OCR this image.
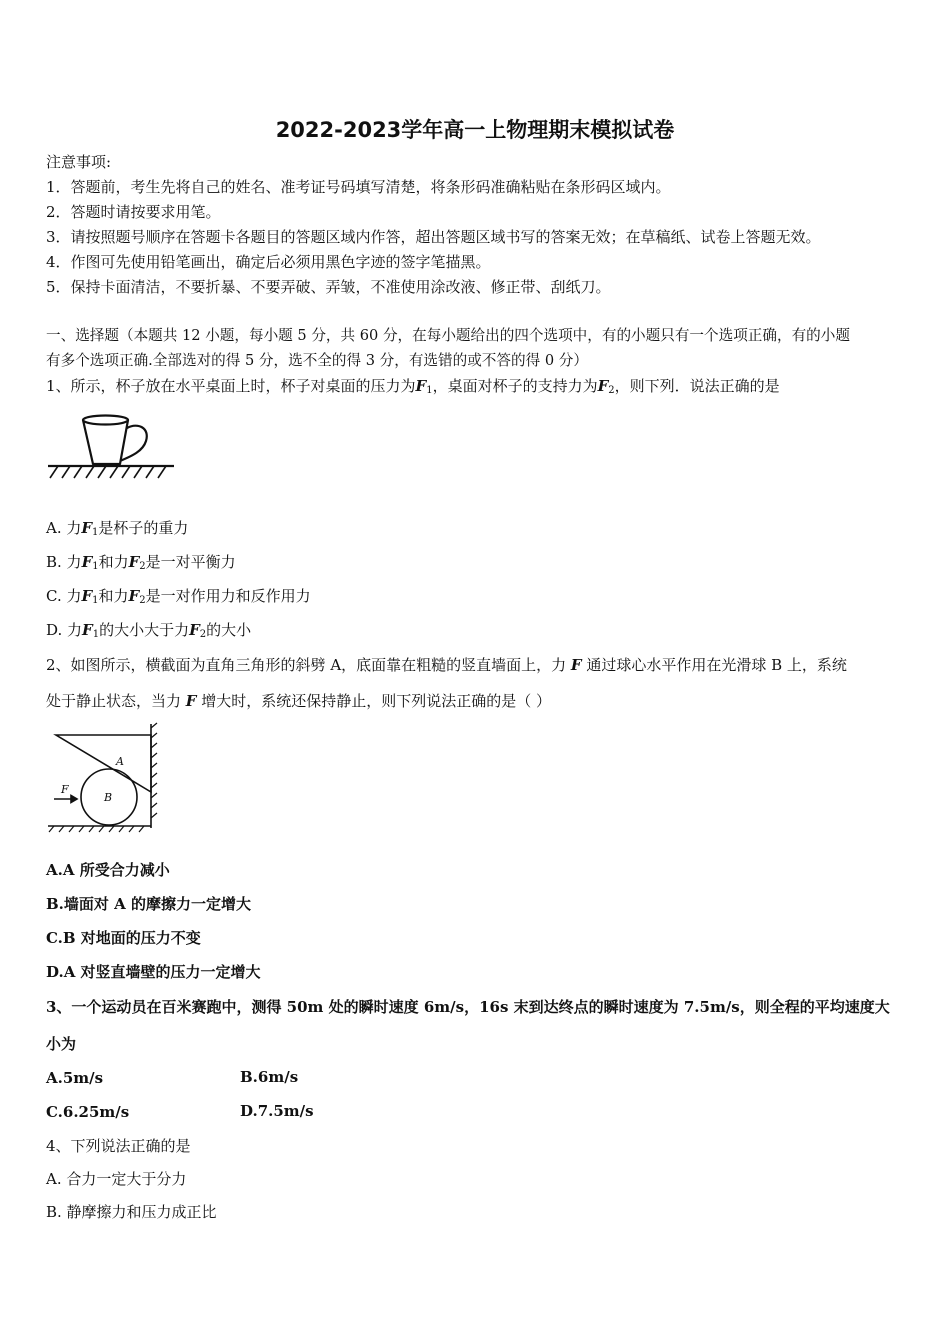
2022-2023学年高一上物理期末模拟试卷
注意事项:
1．答题前，考生先将自己的姓名、准考证号码填写清楚，将条形码准确粘贴在条形码区域内。
2．答题时请按要求用笔。
3．请按照题号顺序在答题卡各题目的答题区域内作答，超出答题区域书写的答案无效；在草稿纸、试卷上答题无效。
4．作图可先使用铅笔画出，确定后必须用黑色字迹的签字笔描黑。
5．保持卡面清洁，不要折暴、不要弄破、弄皱，不准使用涂改液、修正带、刮纸刀。
一、选择题（本题共 12 小题，每小题 5 分，共 60 分，在每小题给出的四个选项中，有的小题只有一个选项正确，有的小题
有多个选项正确.全部选对的得 5 分，选不全的得 3 分，有选错的或不答的得 0 分）
1、所示，杯子放在水平桌面上时，杯子对桌面的压力为$F_1$，桌面对杯子的支持力为$F_2$，则下列．说法正确的是
A. 力$F_1$是杯子的重力
B. 力$F_1$和力$F_2$是一对平衡力
C. 力$F_1$和力$F_2$是一对作用力和反作用力
D. 力$F_1$的大小大于力$F_2$的大小
2、如图所示，横截面为直角三角形的斜劈 A，底面靠在粗糙的竖直墙面上，力 F 通过球心水平作用在光滑球 B 上，系统
处于静止状态，当力 F 增大时，系统还保持静止，则下列说法正确的是（ ）
A
B
F
A.A 所受合力减小
B.墙面对 A 的摩擦力一定增大
C.B 对地面的压力不变
D.A 对竖直墙壁的压力一定增大
3、一个运动员在百米赛跑中，测得 50m 处的瞬时速度 6m/s，16s 末到达终点的瞬时速度为 7.5m/s，则全程的平均速度大
小为
A.5m/s	B.6m/s
C.6.25m/s	D.7.5m/s
4、下列说法正确的是
A. 合力一定大于分力
B. 静摩擦力和压力成正比
